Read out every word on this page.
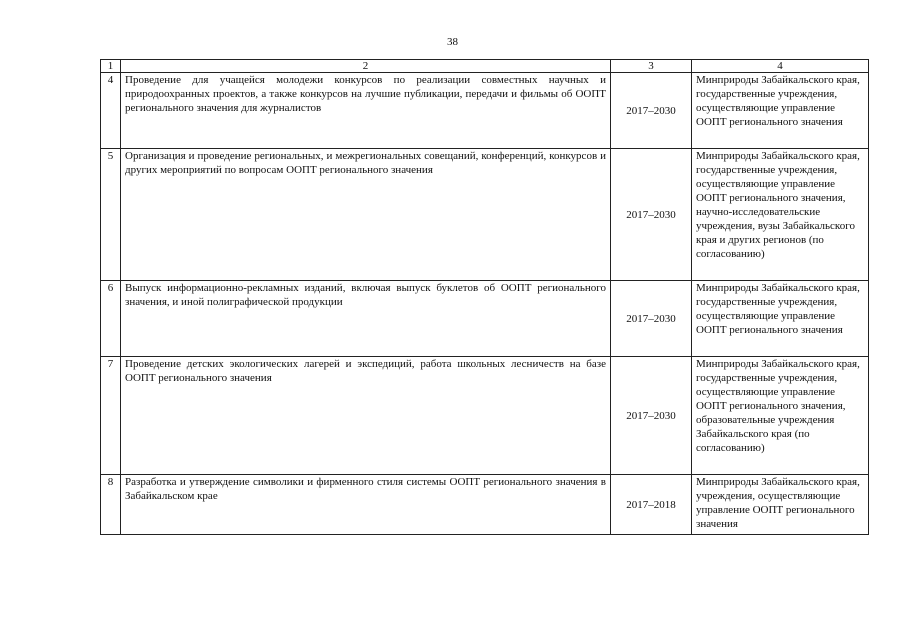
38
1	2	3	4
4	Проведение для учащейся молодежи конкурсов по реализации совместных научных и природоохранных проектов, а также конкурсов на лучшие публикации, передачи и фильмы об ООПТ регионального значения для журналистов	2017–2030	Минприроды Забайкальского края, государственные учреждения, осуществляющие управление ООПТ регионального значения
5	Организация и проведение региональных, и межрегиональных совещаний, конференций, конкурсов и других мероприятий по вопросам ООПТ регионального значения	2017–2030	Минприроды Забайкальского края, государственные учреждения, осуществляющие управление ООПТ регионального значения, научно-исследовательские учреждения, вузы Забайкальского края и других регионов (по согласованию)
6	Выпуск информационно-рекламных изданий, включая выпуск буклетов об ООПТ регионального значения, и иной полиграфической продукции	2017–2030	Минприроды Забайкальского края, государственные учреждения, осуществляющие управление ООПТ регионального значения
7	Проведение детских экологических лагерей и экспедиций, работа школьных лесничеств на базе ООПТ регионального значения	2017–2030	Минприроды Забайкальского края, государственные учреждения, осуществляющие управление ООПТ регионального значения, образовательные учреждения Забайкальского края (по согласованию)
8	Разработка и утверждение символики и фирменного стиля системы ООПТ регионального значения в Забайкальском крае	2017–2018	Минприроды Забайкальского края, учреждения, осуществляющие управление ООПТ регионального значения
